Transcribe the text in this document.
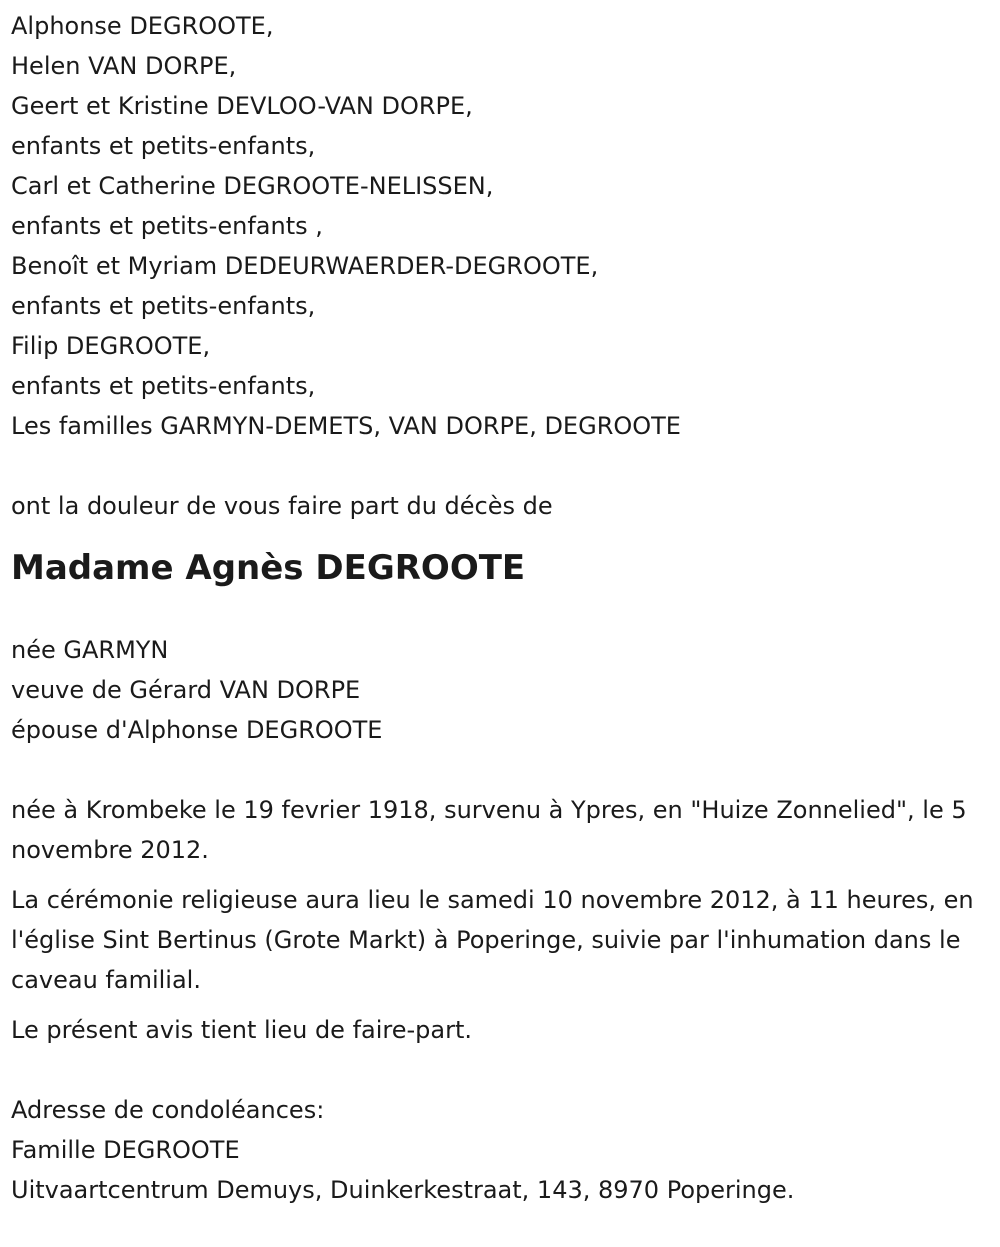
Alphonse DEGROOTE,

Helen VAN DORPE,

Geert et Kristine DEVLOO-VAN DORPE,

enfants et petits-enfants,

Carl et Catherine DEGROOTE-NELISSEN,

enfants et petits-enfants ,

Benoît et Myriam DEDEURWAERDER-DEGROOTE,

enfants et petits-enfants,

Filip DEGROOTE,

enfants et petits-enfants,

Les familles GARMYN-DEMETS, VAN DORPE, DEGROOTE

ont la douleur de vous faire part du décès de

Madame Agnès DEGROOTE

née GARMYN

veuve de Gérard VAN DORPE

épouse d'Alphonse DEGROOTE

née à Krombeke le 19 fevrier 1918, survenu à Ypres, en "Huize Zonnelied", le 5 novembre 2012.

La cérémonie religieuse aura lieu le samedi 10 novembre 2012, à 11 heures, en l'église Sint Bertinus (Grote Markt) à Poperinge, suivie par l'inhumation dans le caveau familial.

Le présent avis tient lieu de faire-part.

Adresse de condoléances:

Famille DEGROOTE

Uitvaartcentrum Demuys, Duinkerkestraat, 143, 8970 Poperinge.
